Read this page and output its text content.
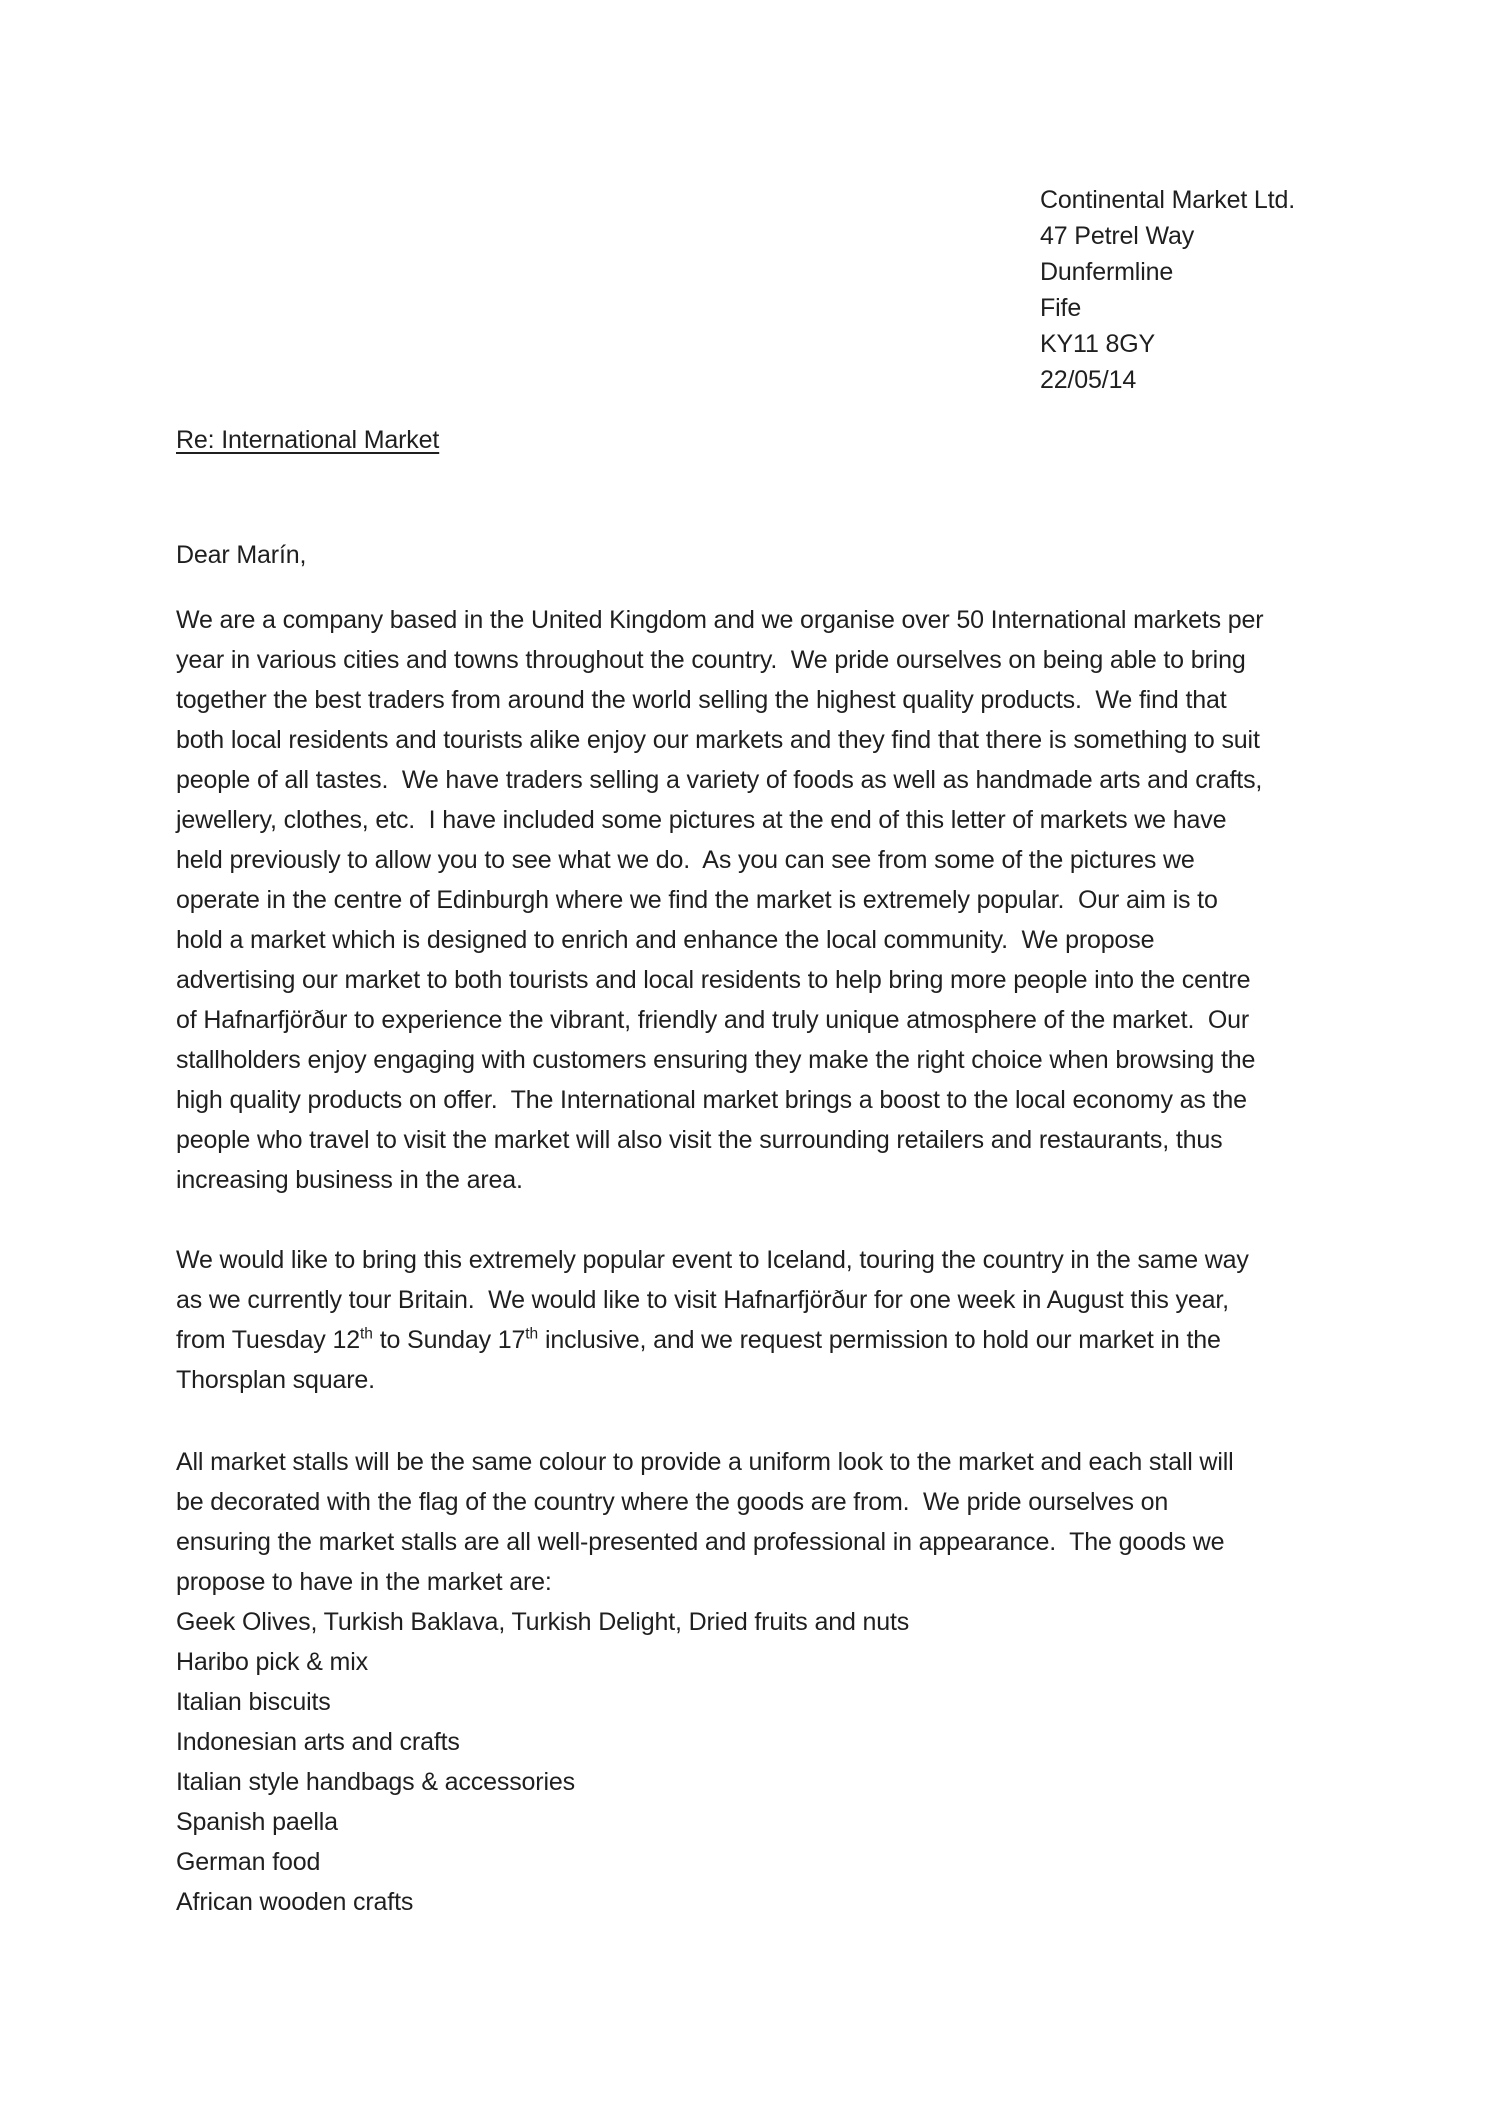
Continental Market Ltd.
47 Petrel Way
Dunfermline
Fife
KY11 8GY
22/05/14
Re: International Market
Dear Marín,
We are a company based in the United Kingdom and we organise over 50 International markets per
year in various cities and towns throughout the country.  We pride ourselves on being able to bring
together the best traders from around the world selling the highest quality products.  We find that
both local residents and tourists alike enjoy our markets and they find that there is something to suit
people of all tastes.  We have traders selling a variety of foods as well as handmade arts and crafts,
jewellery, clothes, etc.  I have included some pictures at the end of this letter of markets we have
held previously to allow you to see what we do.  As you can see from some of the pictures we
operate in the centre of Edinburgh where we find the market is extremely popular.  Our aim is to
hold a market which is designed to enrich and enhance the local community.  We propose
advertising our market to both tourists and local residents to help bring more people into the centre
of Hafnarfjörður to experience the vibrant, friendly and truly unique atmosphere of the market.  Our
stallholders enjoy engaging with customers ensuring they make the right choice when browsing the
high quality products on offer.  The International market brings a boost to the local economy as the
people who travel to visit the market will also visit the surrounding retailers and restaurants, thus
increasing business in the area.
We would like to bring this extremely popular event to Iceland, touring the country in the same way
as we currently tour Britain.  We would like to visit Hafnarfjörður for one week in August this year,
from Tuesday 12th to Sunday 17th inclusive, and we request permission to hold our market in the
Thorsplan square.
All market stalls will be the same colour to provide a uniform look to the market and each stall will
be decorated with the flag of the country where the goods are from.  We pride ourselves on
ensuring the market stalls are all well-presented and professional in appearance.  The goods we
propose to have in the market are:
Geek Olives, Turkish Baklava, Turkish Delight, Dried fruits and nuts
Haribo pick & mix
Italian biscuits
Indonesian arts and crafts
Italian style handbags & accessories
Spanish paella
German food
African wooden crafts
